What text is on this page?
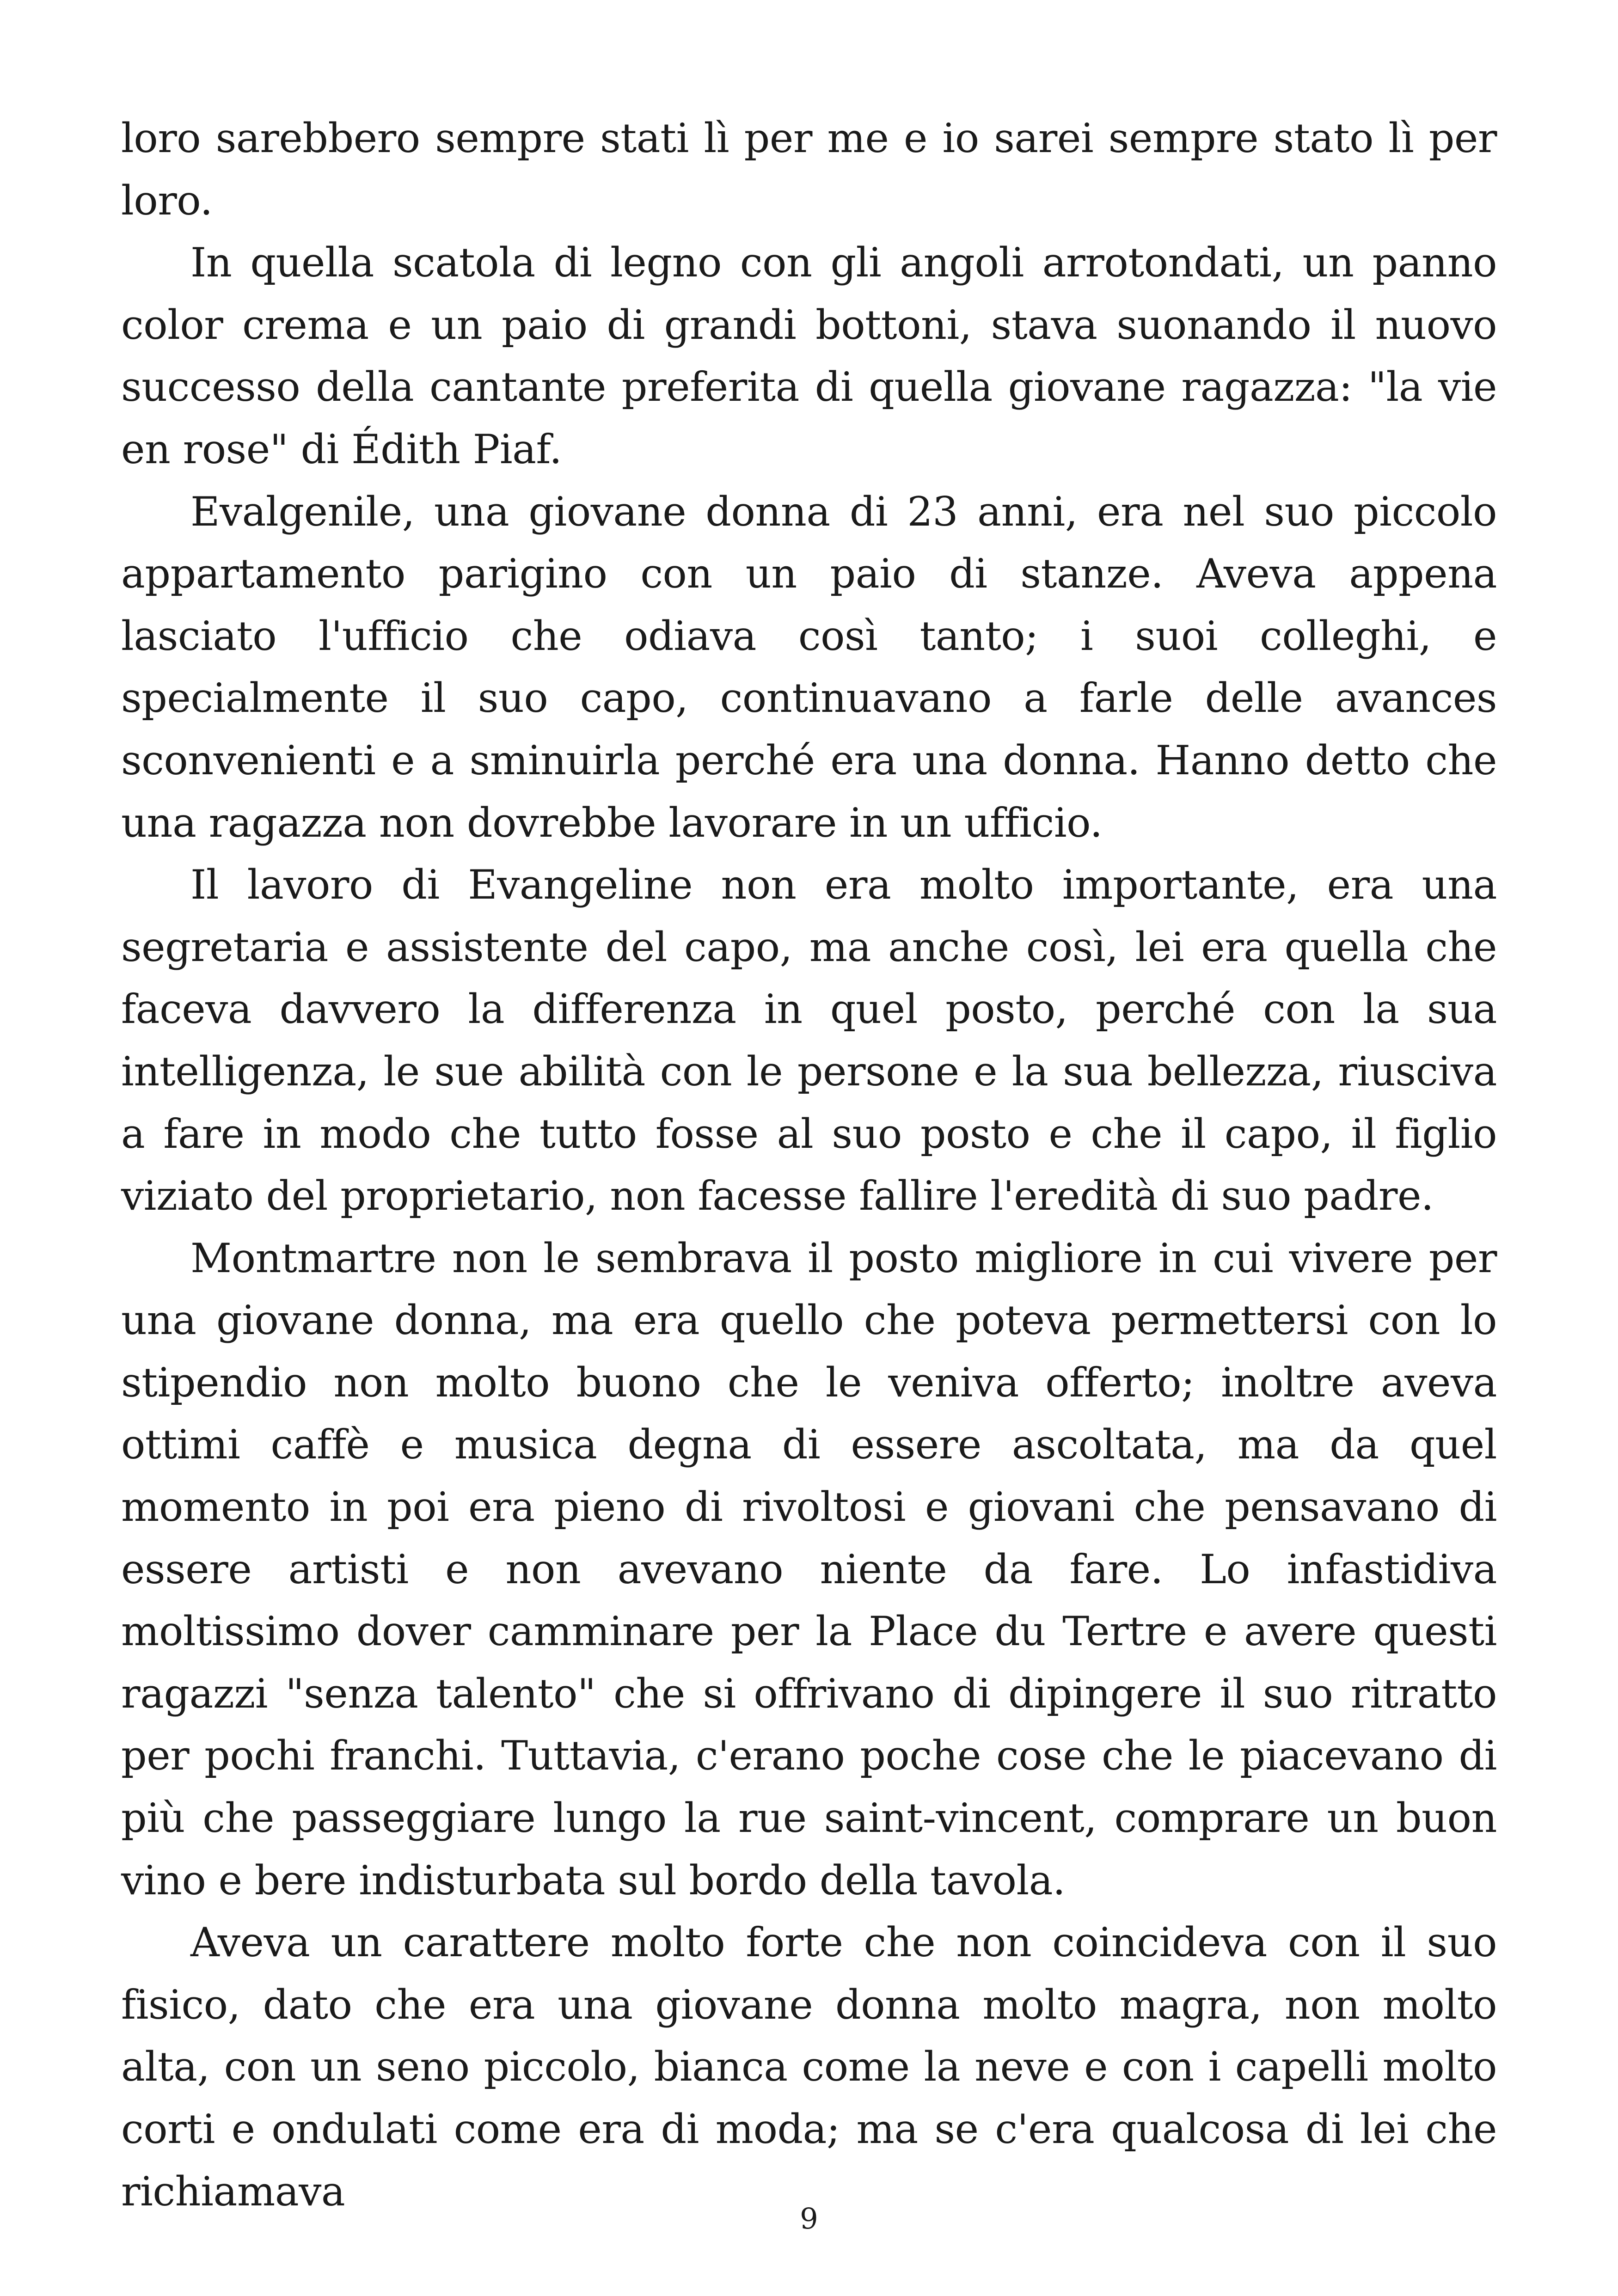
loro sarebbero sempre stati lì per me e io sarei sempre stato lì per loro.

In quella scatola di legno con gli angoli arrotondati, un panno color crema e un paio di grandi bottoni, stava suonando il nuovo successo della cantante preferita di quella giovane ragazza: "la vie en rose" di Édith Piaf.

Evalgenile, una giovane donna di 23 anni, era nel suo piccolo appartamento parigino con un paio di stanze. Aveva appena lasciato l'ufficio che odiava così tanto; i suoi colleghi, e specialmente il suo capo, continuavano a farle delle avances sconvenienti e a sminuirla perché era una donna. Hanno detto che una ragazza non dovrebbe lavorare in un ufficio.

Il lavoro di Evangeline non era molto importante, era una segretaria e assistente del capo, ma anche così, lei era quella che faceva davvero la differenza in quel posto, perché con la sua intelligenza, le sue abilità con le persone e la sua bellezza, riusciva a fare in modo che tutto fosse al suo posto e che il capo, il figlio viziato del proprietario, non facesse fallire l'eredità di suo padre.

Montmartre non le sembrava il posto migliore in cui vivere per una giovane donna, ma era quello che poteva permettersi con lo stipendio non molto buono che le veniva offerto; inoltre aveva ottimi caffè e musica degna di essere ascoltata, ma da quel momento in poi era pieno di rivoltosi e giovani che pensavano di essere artisti e non avevano niente da fare. Lo infastidiva moltissimo dover camminare per la Place du Tertre e avere questi ragazzi "senza talento" che si offrivano di dipingere il suo ritratto per pochi franchi. Tuttavia, c'erano poche cose che le piacevano di più che passeggiare lungo la rue saint-vincent, comprare un buon vino e bere indisturbata sul bordo della tavola.

Aveva un carattere molto forte che non coincideva con il suo fisico, dato che era una giovane donna molto magra, non molto alta, con un seno piccolo, bianca come la neve e con i capelli molto corti e ondulati come era di moda; ma se c'era qualcosa di lei che richiamava

9
